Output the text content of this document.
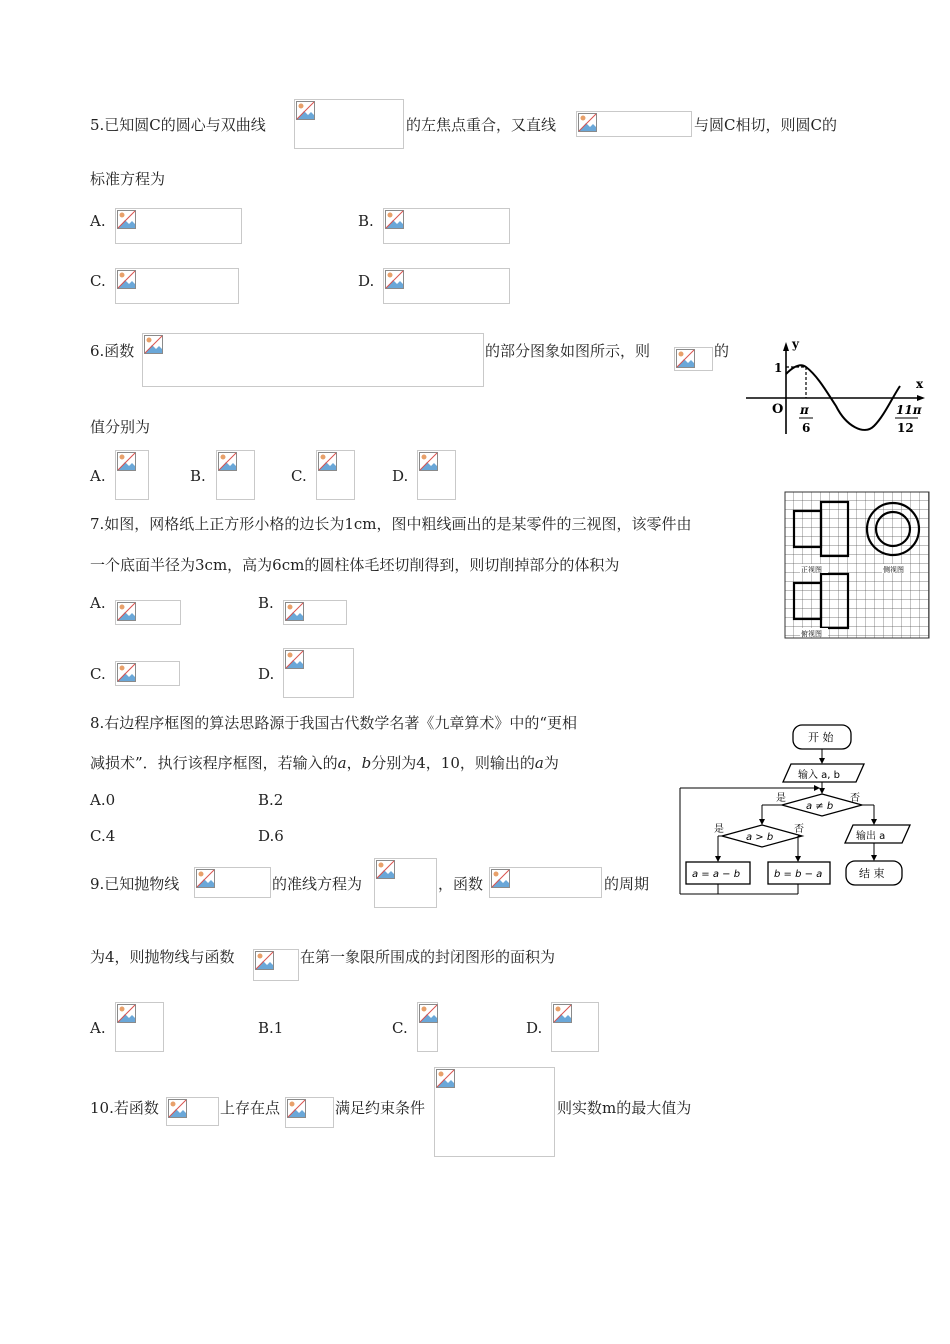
5.已知圆C的圆心与双曲线	的左焦点重合，又直线	与圆C相切，则圆C的
标准方程为
A.	B.
C.	D.
6.函数	的部分图象如图所示，则	的
值分别为
A.	B.	C.	D.
y
x
1
O π
6
11π
12
7.如图，网格纸上正方形小格的边长为1cm，图中粗线画出的是某零件的三视图，该零件由
一个底面半径为3cm，高为6cm的圆柱体毛坯切削得到，则切削掉部分的体积为
A.	B.
C.	D.
正视图	侧视图
俯视图
8.右边程序框图的算法思路源于我国古代数学名著《九章算术》中的“更相
减损术”．执行该程序框图，若输入的a，b分别为4，10，则输出的a为
A.0	B.2
C.4	D.6
开 始
输入 a, b
a ≠ b
是	否
a > b
是	否
a = a − b	b = b − a
输出 a
结 束
9.已知抛物线	的准线方程为	，函数	的周期
为4，则抛物线与函数	在第一象限所围成的封闭图形的面积为
A.	B.1	C.	D.
10.若函数	上存在点	满足约束条件	则实数m的最大值为
